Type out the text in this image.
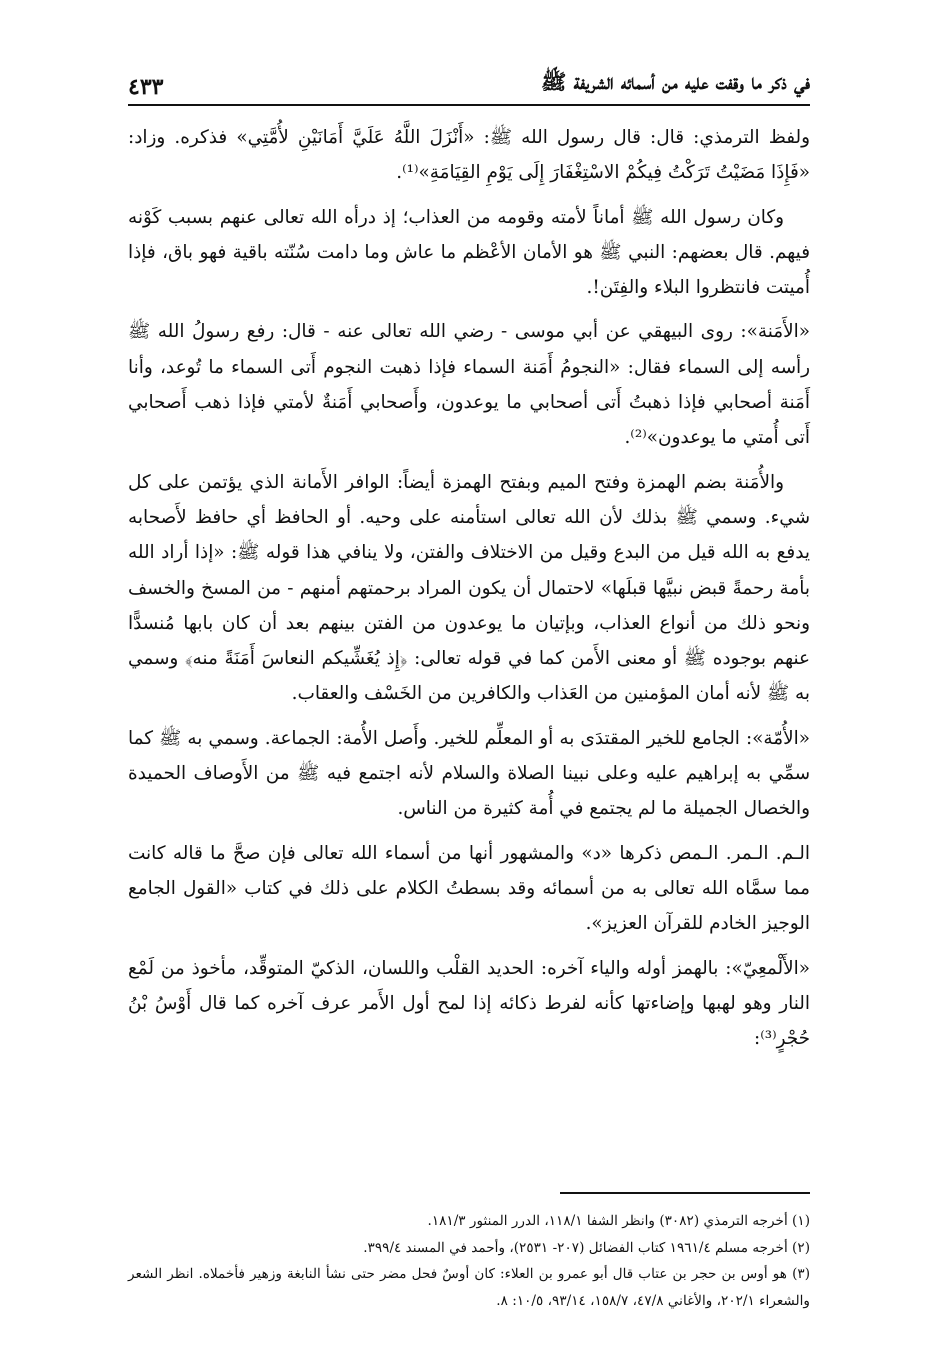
في ذكر ما وقفت عليه من أسمائه الشريفة ﷺ
٤٣٣

ولفظ الترمذي: قال: قال رسول الله ﷺ: «أَنْزَلَ اللَّهُ عَلَيَّ أَمَانَيْنِ لأُمَّتِي» فذكره. وزاد: «فَإِذَا مَضَيْتُ تَرَكْتُ فِيكُمْ الاسْتِغْفَارَ إِلَى يَوْمِ القِيَامَةِ»⁽¹⁾.

وكان رسول الله ﷺ أماناً لأمته وقومه من العذاب؛ إذ درأه الله تعالى عنهم بسبب كَوْنه فيهم. قال بعضهم: النبي ﷺ هو الأمان الأعْظم ما عاش وما دامت سُنّته باقية فهو باق، فإذا أُميتت فانتظروا البلاء والفِتَن!.

«الأَمَنة»: روى البيهقي عن أبي موسى - رضي الله تعالى عنه - قال: رفع رسولُ الله ﷺ رأسه إلى السماء فقال: «النجومُ أَمَنة السماء فإذا ذهبت النجوم أَتى السماء ما تُوعد، وأنا أَمَنة أصحابي فإذا ذهبتُ أَتى أصحابي ما يوعدون، وأَصحابي أَمَنةٌ لأمتي فإذا ذهب أَصحابي أَتى أُمتي ما يوعدون»⁽²⁾.

والأُمَنة بضم الهمزة وفتح الميم وبفتح الهمزة أيضاً: الوافر الأَمانة الذي يؤتمن على كل شيء. وسمي ﷺ بذلك لأن الله تعالى استأمنه على وحيه. أو الحافظ أي حافظ لأَصحابه يدفع به الله قيل من البدع وقيل من الاختلاف والفتن، ولا ينافي هذا قوله ﷺ: «إذا أراد الله بأمة رحمةً قبض نبيَّها قبلَها» لاحتمال أن يكون المراد برحمتهم أمنهم - من المسخ والخسف ونحو ذلك من أنواع العذاب، وبإتيان ما يوعدون من الفتن بينهم بعد أن كان بابها مُنسدًّا عنهم بوجوده ﷺ أو معنى الأَمن كما في قوله تعالى: ﴿إِذ يُغَشِّيكم النعاسَ أَمَنَةً منه﴾ وسمي به ﷺ لأنه أمان المؤمنين من العَذاب والكافرين من الخَسْف والعقاب.

«الأُمّة»: الجامع للخير المقتدَى به أو المعلِّم للخير. وأَصل الأُمة: الجماعة. وسمي به ﷺ كما سمِّي به إبراهيم عليه وعلى نبينا الصلاة والسلام لأنه اجتمع فيه ﷺ من الأَوصاف الحميدة والخصال الجميلة ما لم يجتمع في أُمة كثيرة من الناس.

الـم. الـمر. الـمص ذكرها «د» والمشهور أنها من أسماء الله تعالى فإن صحَّ ما قاله كانت مما سمَّاه الله تعالى به من أسمائه وقد بسطتُ الكلام على ذلك في كتاب «القول الجامع الوجيز الخادم للقرآن العزيز».

«الأَلْمعِيّ»: بالهمز أوله والياء آخره: الحديد القلْب واللسان، الذكيّ المتوقِّد، مأخوذ من لَمْع النار وهو لهبها وإضاءتها كأنه لفرط ذكائه إذا لمح أول الأَمر عرف آخره كما قال أَوْسُ بْنُ حُجْرٍ⁽³⁾:

(١) أخرجه الترمذي (٣٠٨٢) وانظر الشفا ١١٨/١، الدرر المنثور ١٨١/٣.

(٢) أخرجه مسلم ١٩٦١/٤ كتاب الفضائل (٢٠٧- ٢٥٣١)، وأحمد في المسند ٣٩٩/٤.

(٣) هو أوس بن حجر بن عتاب قال أبو عمرو بن العلاء: كان أوسٌ فحل مضر حتى نشأ النابغة وزهير فأخملاه. انظر الشعر والشعراء ٢٠٢/١، والأغاني ٤٧/٨، ١٥٨/٧، ٩٣/١٤، ١٠/٥: ٨.
